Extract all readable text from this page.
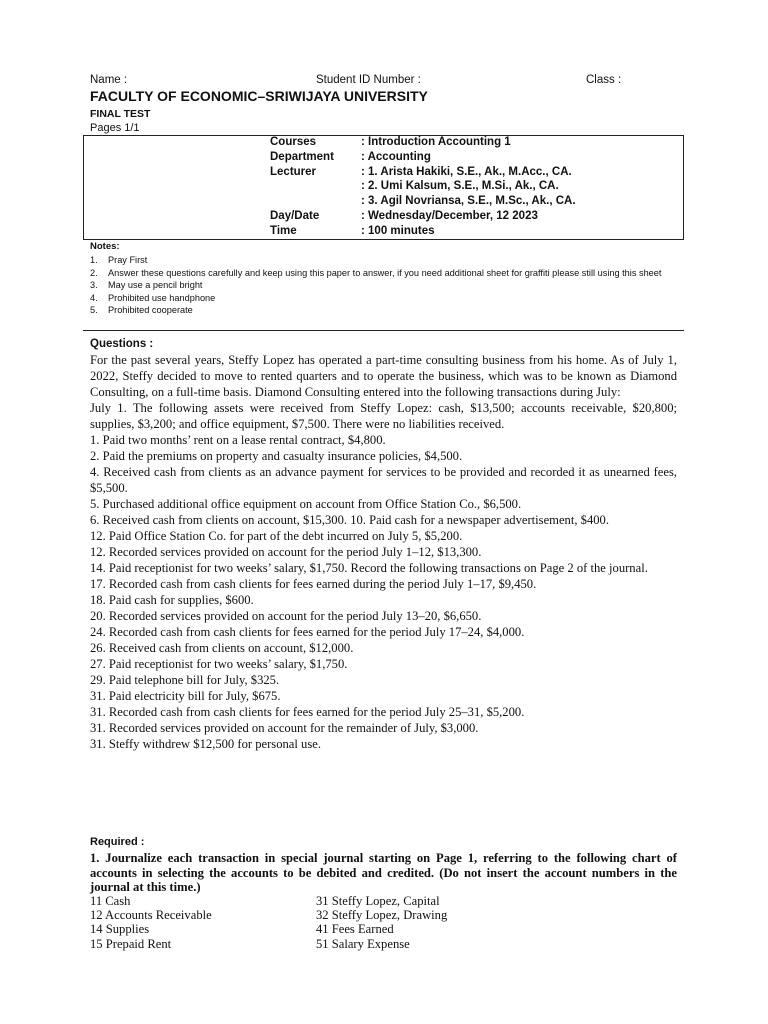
Name :	Student ID Number :	Class :
FACULTY OF ECONOMIC–SRIWIJAYA UNIVERSITY
FINAL TEST
Pages 1/1
Courses	: Introduction Accounting 1
Department : Accounting
Lecturer	: 1. Arista Hakiki, S.E., Ak., M.Acc., CA.
: 2. Umi Kalsum, S.E., M.Si., Ak., CA.
: 3. Agil Novriansa, S.E., M.Sc., Ak., CA.
Day/Date	: Wednesday/December, 12 2023
Time	: 100 minutes
Notes:
1. Pray First
2. Answer these questions carefully and keep using this paper to answer, if you need additional sheet for graffiti please still using this sheet
3. May use a pencil bright
4. Prohibited use handphone
5. Prohibited cooperate
Questions :

For the past several years, Steffy Lopez has operated a part-time consulting business from his home. As of July 1, 2022, Steffy decided to move to rented quarters and to operate the business, which was to be known as Diamond Consulting, on a full-time basis. Diamond Consulting entered into the following transactions during July:

July 1. The following assets were received from Steffy Lopez: cash, $13,500; accounts receivable, $20,800; supplies, $3,200; and office equipment, $7,500. There were no liabilities received.

1. Paid two months’ rent on a lease rental contract, $4,800.

2. Paid the premiums on property and casualty insurance policies, $4,500.

4. Received cash from clients as an advance payment for services to be provided and recorded it as unearned fees, $5,500.

5. Purchased additional office equipment on account from Office Station Co., $6,500.

6. Received cash from clients on account, $15,300. 10. Paid cash for a newspaper advertisement, $400.

12. Paid Office Station Co. for part of the debt incurred on July 5, $5,200.

12. Recorded services provided on account for the period July 1–12, $13,300.

14. Paid receptionist for two weeks’ salary, $1,750. Record the following transactions on Page 2 of the journal.

17. Recorded cash from cash clients for fees earned during the period July 1–17, $9,450.

18. Paid cash for supplies, $600.

20. Recorded services provided on account for the period July 13–20, $6,650.

24. Recorded cash from cash clients for fees earned for the period July 17–24, $4,000.

26. Received cash from clients on account, $12,000.

27. Paid receptionist for two weeks’ salary, $1,750.

29. Paid telephone bill for July, $325.

31. Paid electricity bill for July, $675.

31. Recorded cash from cash clients for fees earned for the period July 25–31, $5,200.

31. Recorded services provided on account for the remainder of July, $3,000.

31. Steffy withdrew $12,500 for personal use.

Required :
1. Journalize each transaction in special journal starting on Page 1, referring to the following chart of accounts in selecting the accounts to be debited and credited. (Do not insert the account numbers in the journal at this time.)
11 Cash	31 Steffy Lopez, Capital
12 Accounts Receivable	32 Steffy Lopez, Drawing
14 Supplies	41 Fees Earned
15 Prepaid Rent	51 Salary Expense
